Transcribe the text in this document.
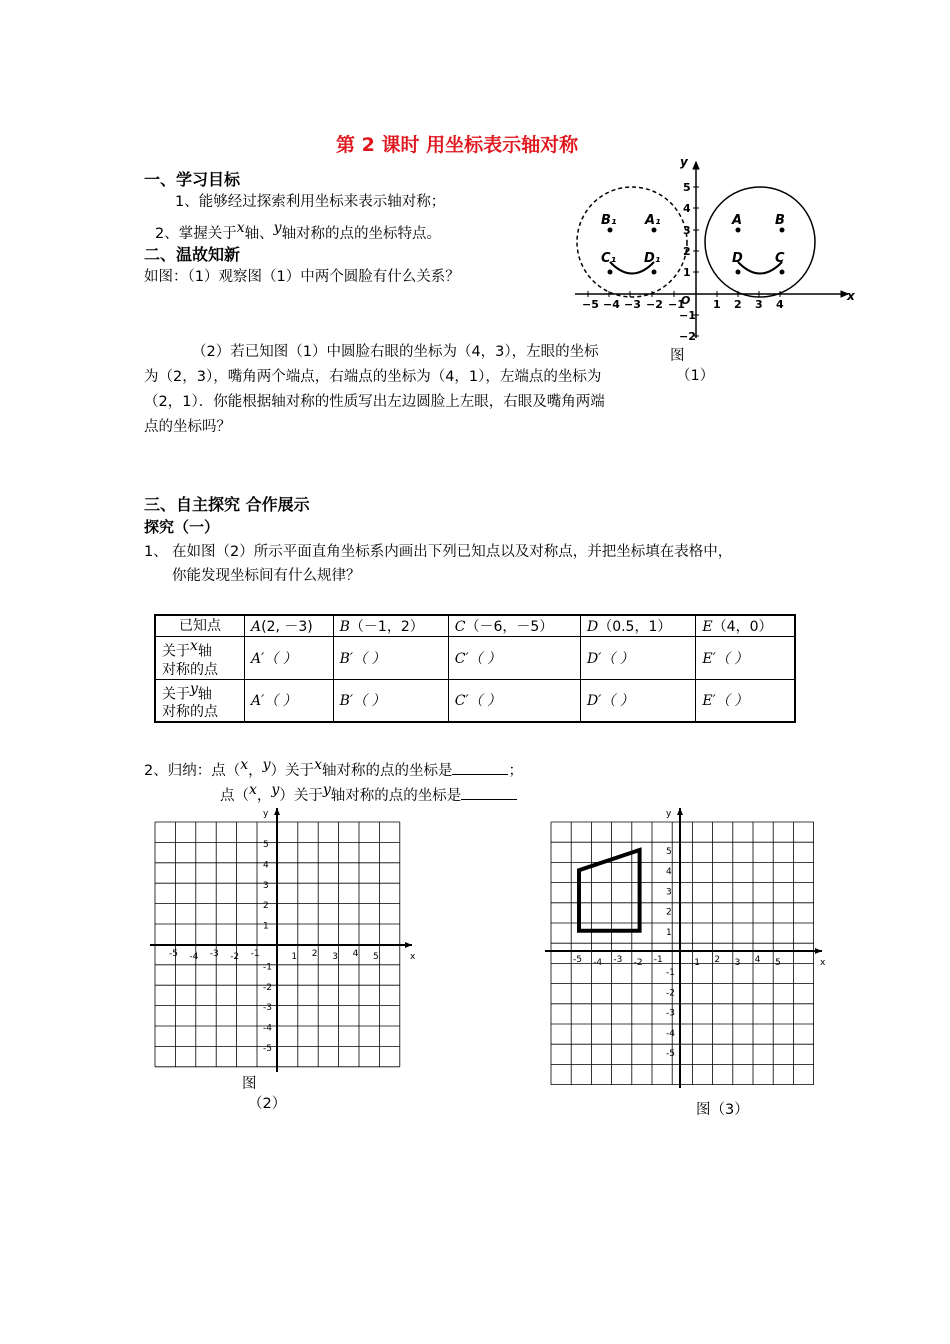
第 2 课时 用坐标表示轴对称
一、学习目标
1、能够经过探索利用坐标来表示轴对称；
2、掌握关于$^x$轴、$^y$轴对称的点的坐标特点。
二、温故知新
如图：（1）观察图（1）中两个圆脸有什么关系？
（2）若已知图（1）中圆脸右眼的坐标为（4，3），左眼的坐标为（2，3），嘴角两个端点，右端点的坐标为（4，1），左端点的坐标为（2，1）．你能根据轴对称的性质写出左边圆脸上左眼，右眼及嘴角两端点的坐标吗？
B₁ A₁
C₁ D₁
A	B
D C
x
y
O
−5 −4 −3 −2 −1	1 2 3 4
5
4
3
2
1
−1
−2
图
（1）
三、自主探究 合作展示
探究（一）
1、 在如图（2）所示平面直角坐标系内画出下列已知点以及对称点，并把坐标填在表格中，
你能发现坐标间有什么规律？
已知点	A(2, －3)	B（－1，2）	C（－6，－5）	D（0.5，1）	E（4，0）
关于$^x$轴
对称的点	A′（ ）	B′（ ）	C′（ ）	D′（ ）	E′（ ）
关于$^y$轴
对称的点	A′（ ）	B′（ ）	C′（ ）	D′（ ）	E′（ ）
2、归纳：点（$^x$，$^y$）关于$^x$轴对称的点的坐标是	；
点（$^x$，$^y$）关于$^y$轴对称的点的坐标是
-5 -4 -3 -2 -1	1 2 3 4 5
5
4
3
2
1
-1
-2
-3
-4
-5
x
y
图
（2）
-5 -4 -3 -2 -1	1 2 3 4 5
5
4
3
2
1
-1
-2
-3
-4
-5
x
y
图（3）
